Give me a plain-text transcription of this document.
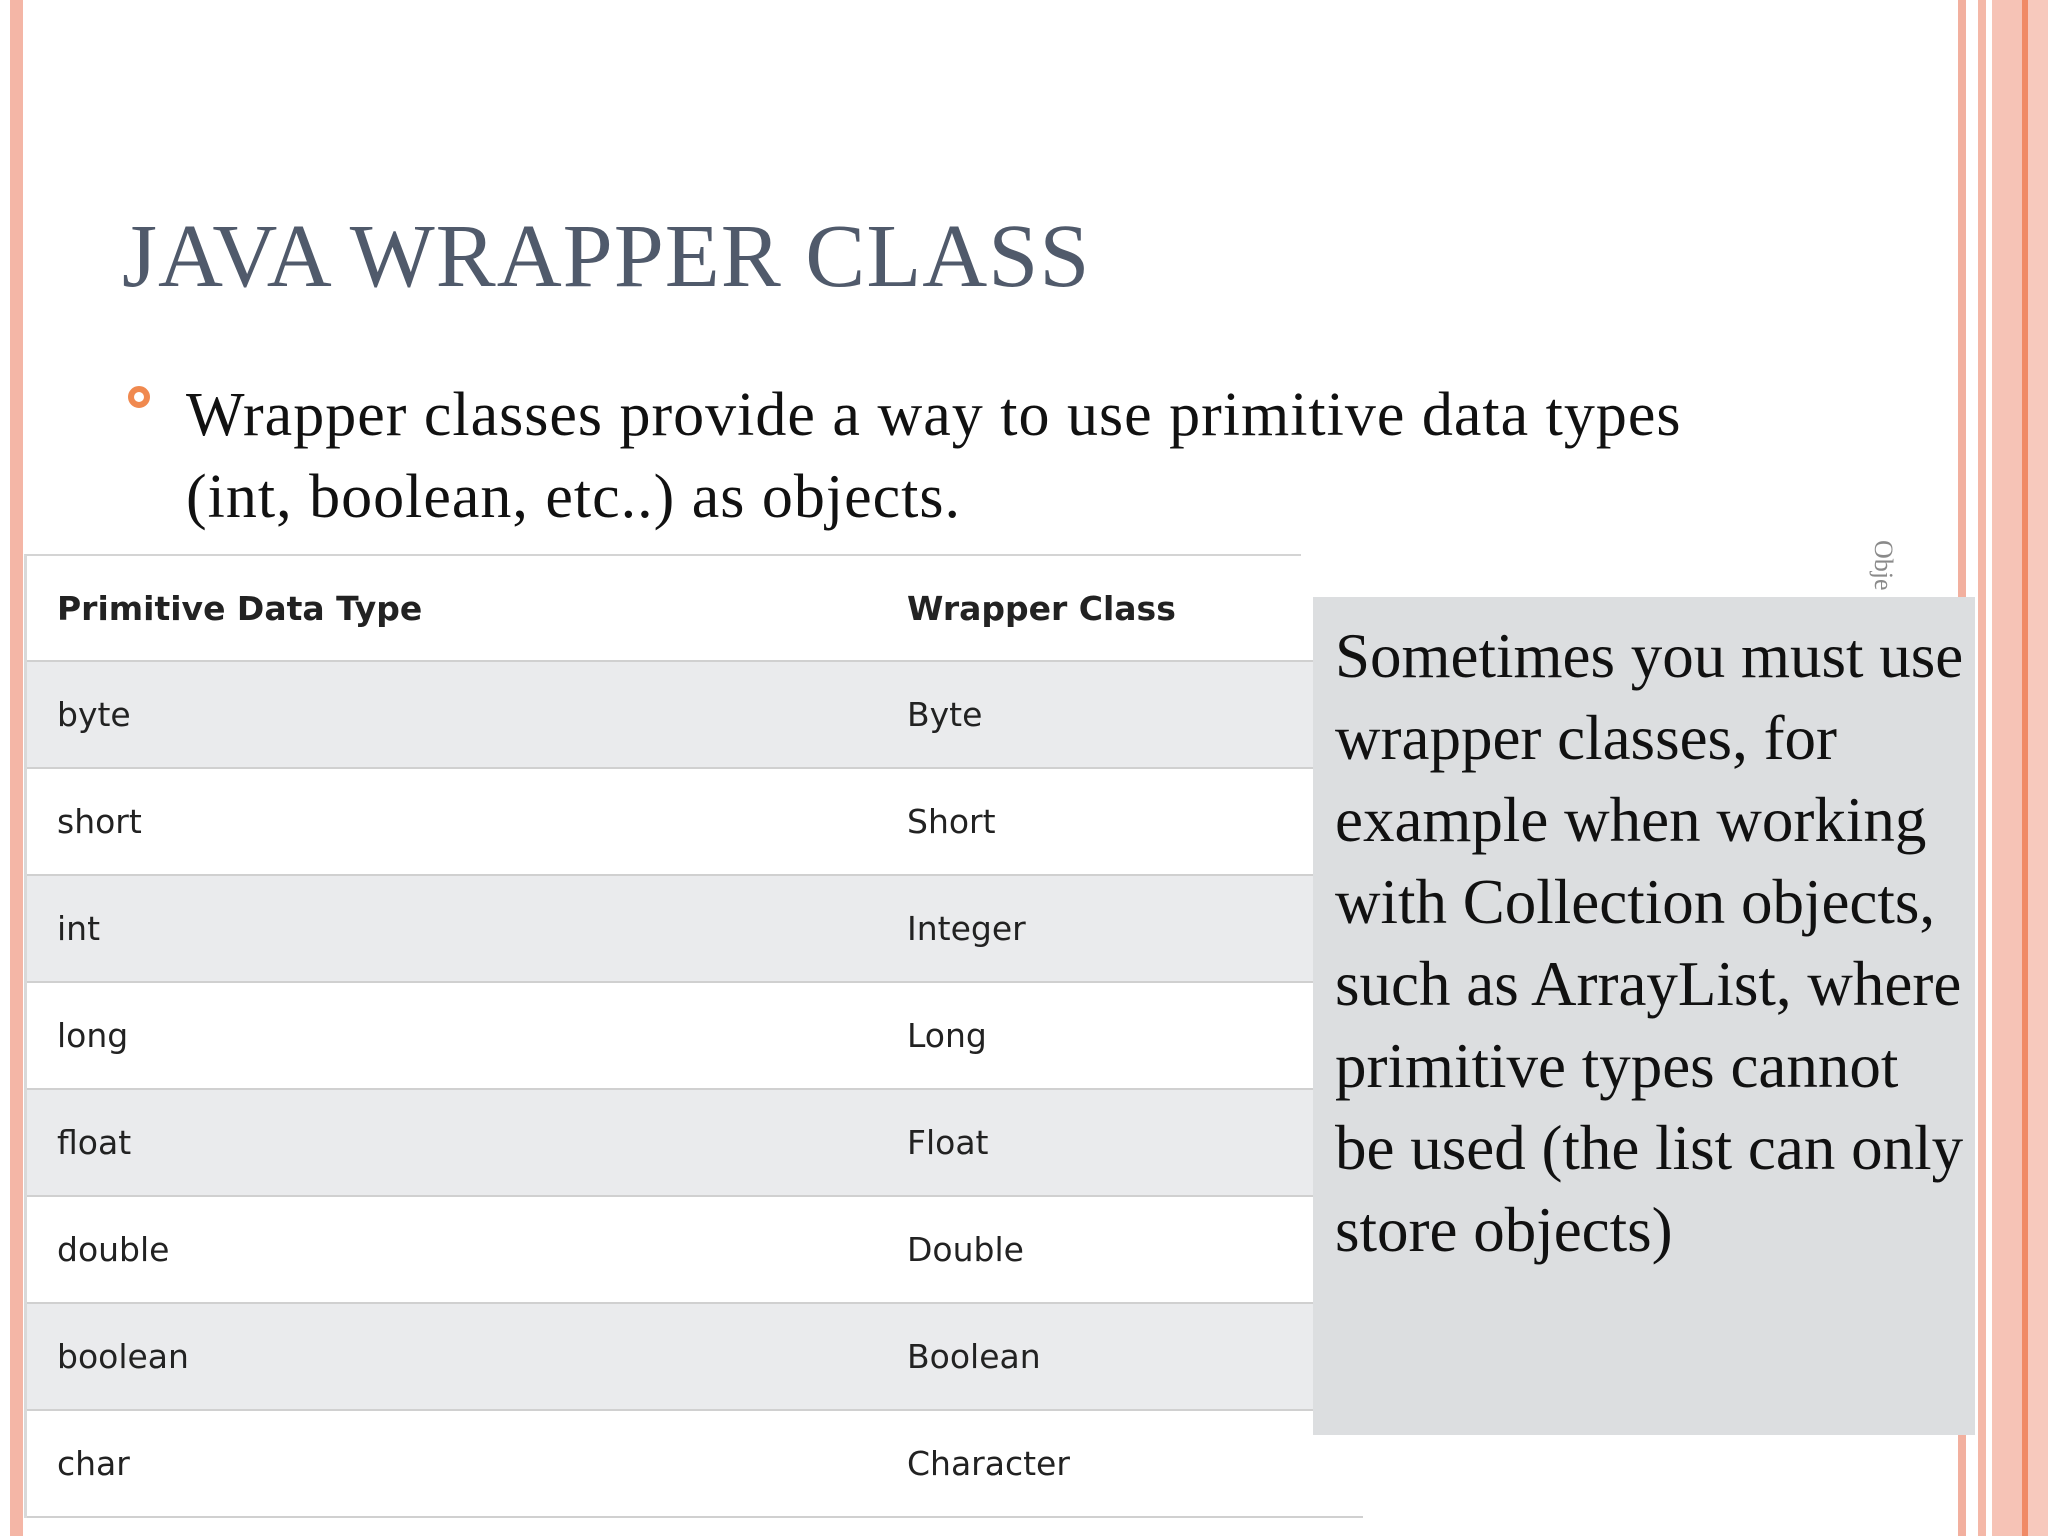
JAVA WRAPPER CLASS
Wrapper classes provide a way to use primitive data types (int, boolean, etc..) as objects.
Obje
Primitive Data Type	Wrapper Class
byte	Byte
short	Short
int	Integer
long	Long
float	Float
double	Double
boolean	Boolean
char	Character
Sometimes you must use wrapper classes, for example when working with Collection objects, such as ArrayList, where primitive types cannot be used (the list can only store objects)
